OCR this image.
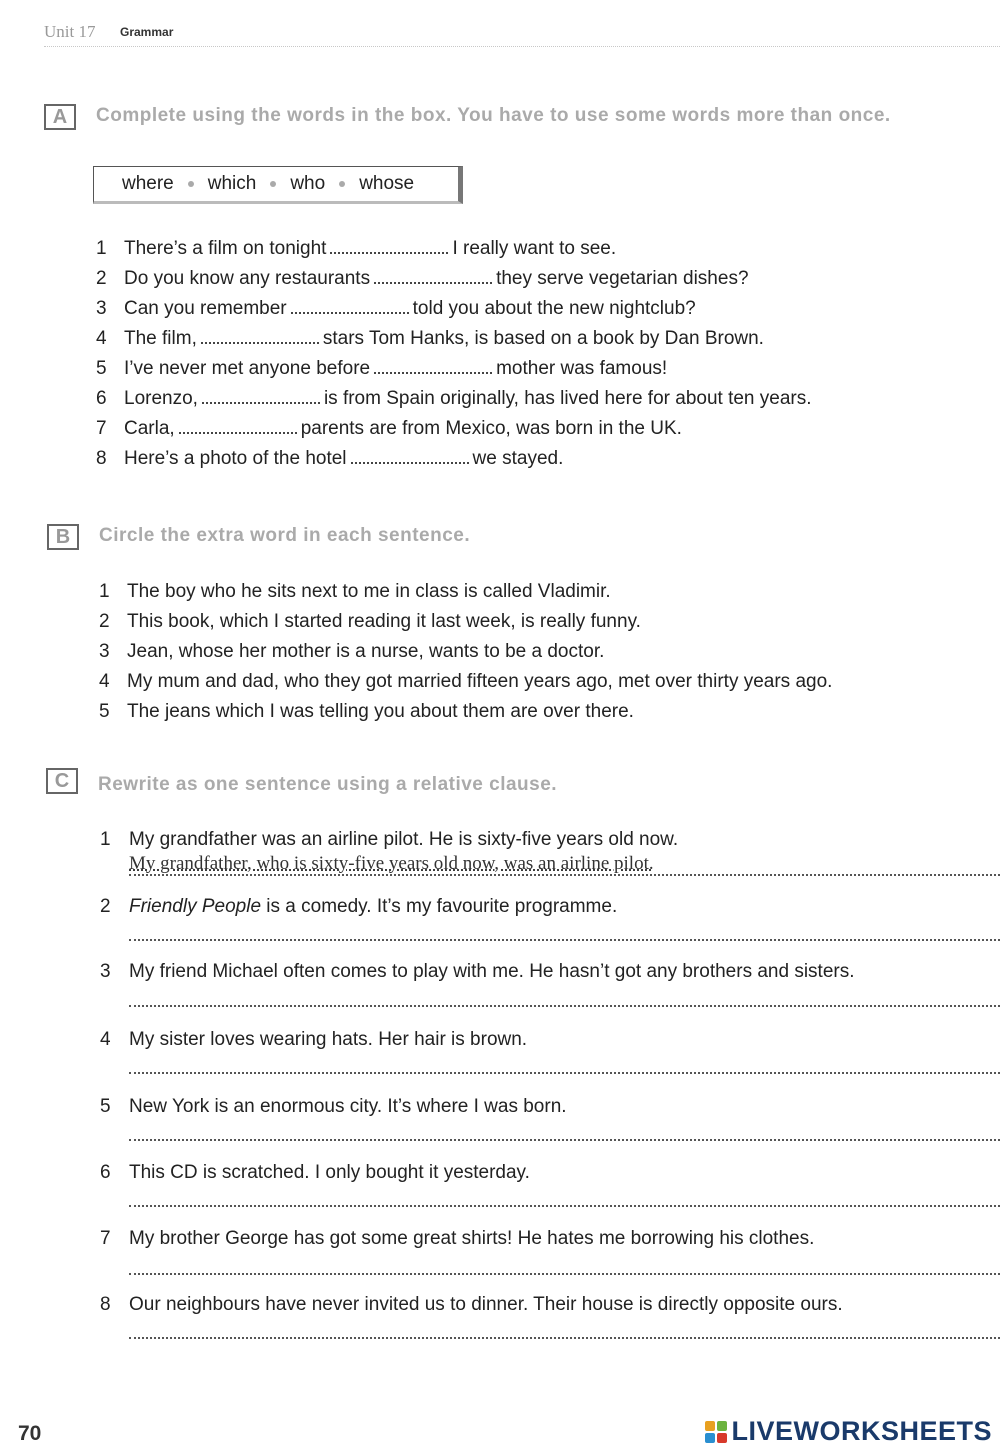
Unit 17 Grammar
A	Complete using the words in the box. You have to use some words more than once.
where which who whose
1 There’s a film on tonight	I really want to see.
2 Do you know any restaurants	they serve vegetarian dishes?
3 Can you remember	told you about the new nightclub?
4 The film,	stars Tom Hanks, is based on a book by Dan Brown.
5 I’ve never met anyone before	mother was famous!
6 Lorenzo,	is from Spain originally, has lived here for about ten years.
7 Carla,	parents are from Mexico, was born in the UK.
8 Here’s a photo of the hotel	we stayed.
B	Circle the extra word in each sentence.
1 The boy who he sits next to me in class is called Vladimir.
2 This book, which I started reading it last week, is really funny.
3 Jean, whose her mother is a nurse, wants to be a doctor.
4 My mum and dad, who they got married fifteen years ago, met over thirty years ago.
5 The jeans which I was telling you about them are over there.
C	Rewrite as one sentence using a relative clause.
1 My grandfather was an airline pilot. He is sixty-five years old now.
My grandfather, who is sixty-five years old now, was an airline pilot.
2 Friendly People is a comedy. It’s my favourite programme.
3 My friend Michael often comes to play with me. He hasn’t got any brothers and sisters.
4 My sister loves wearing hats. Her hair is brown.
5 New York is an enormous city. It’s where I was born.
6 This CD is scratched. I only bought it yesterday.
7 My brother George has got some great shirts! He hates me borrowing his clothes.
8 Our neighbours have never invited us to dinner. Their house is directly opposite ours.
70	LIVEWORKSHEETS
